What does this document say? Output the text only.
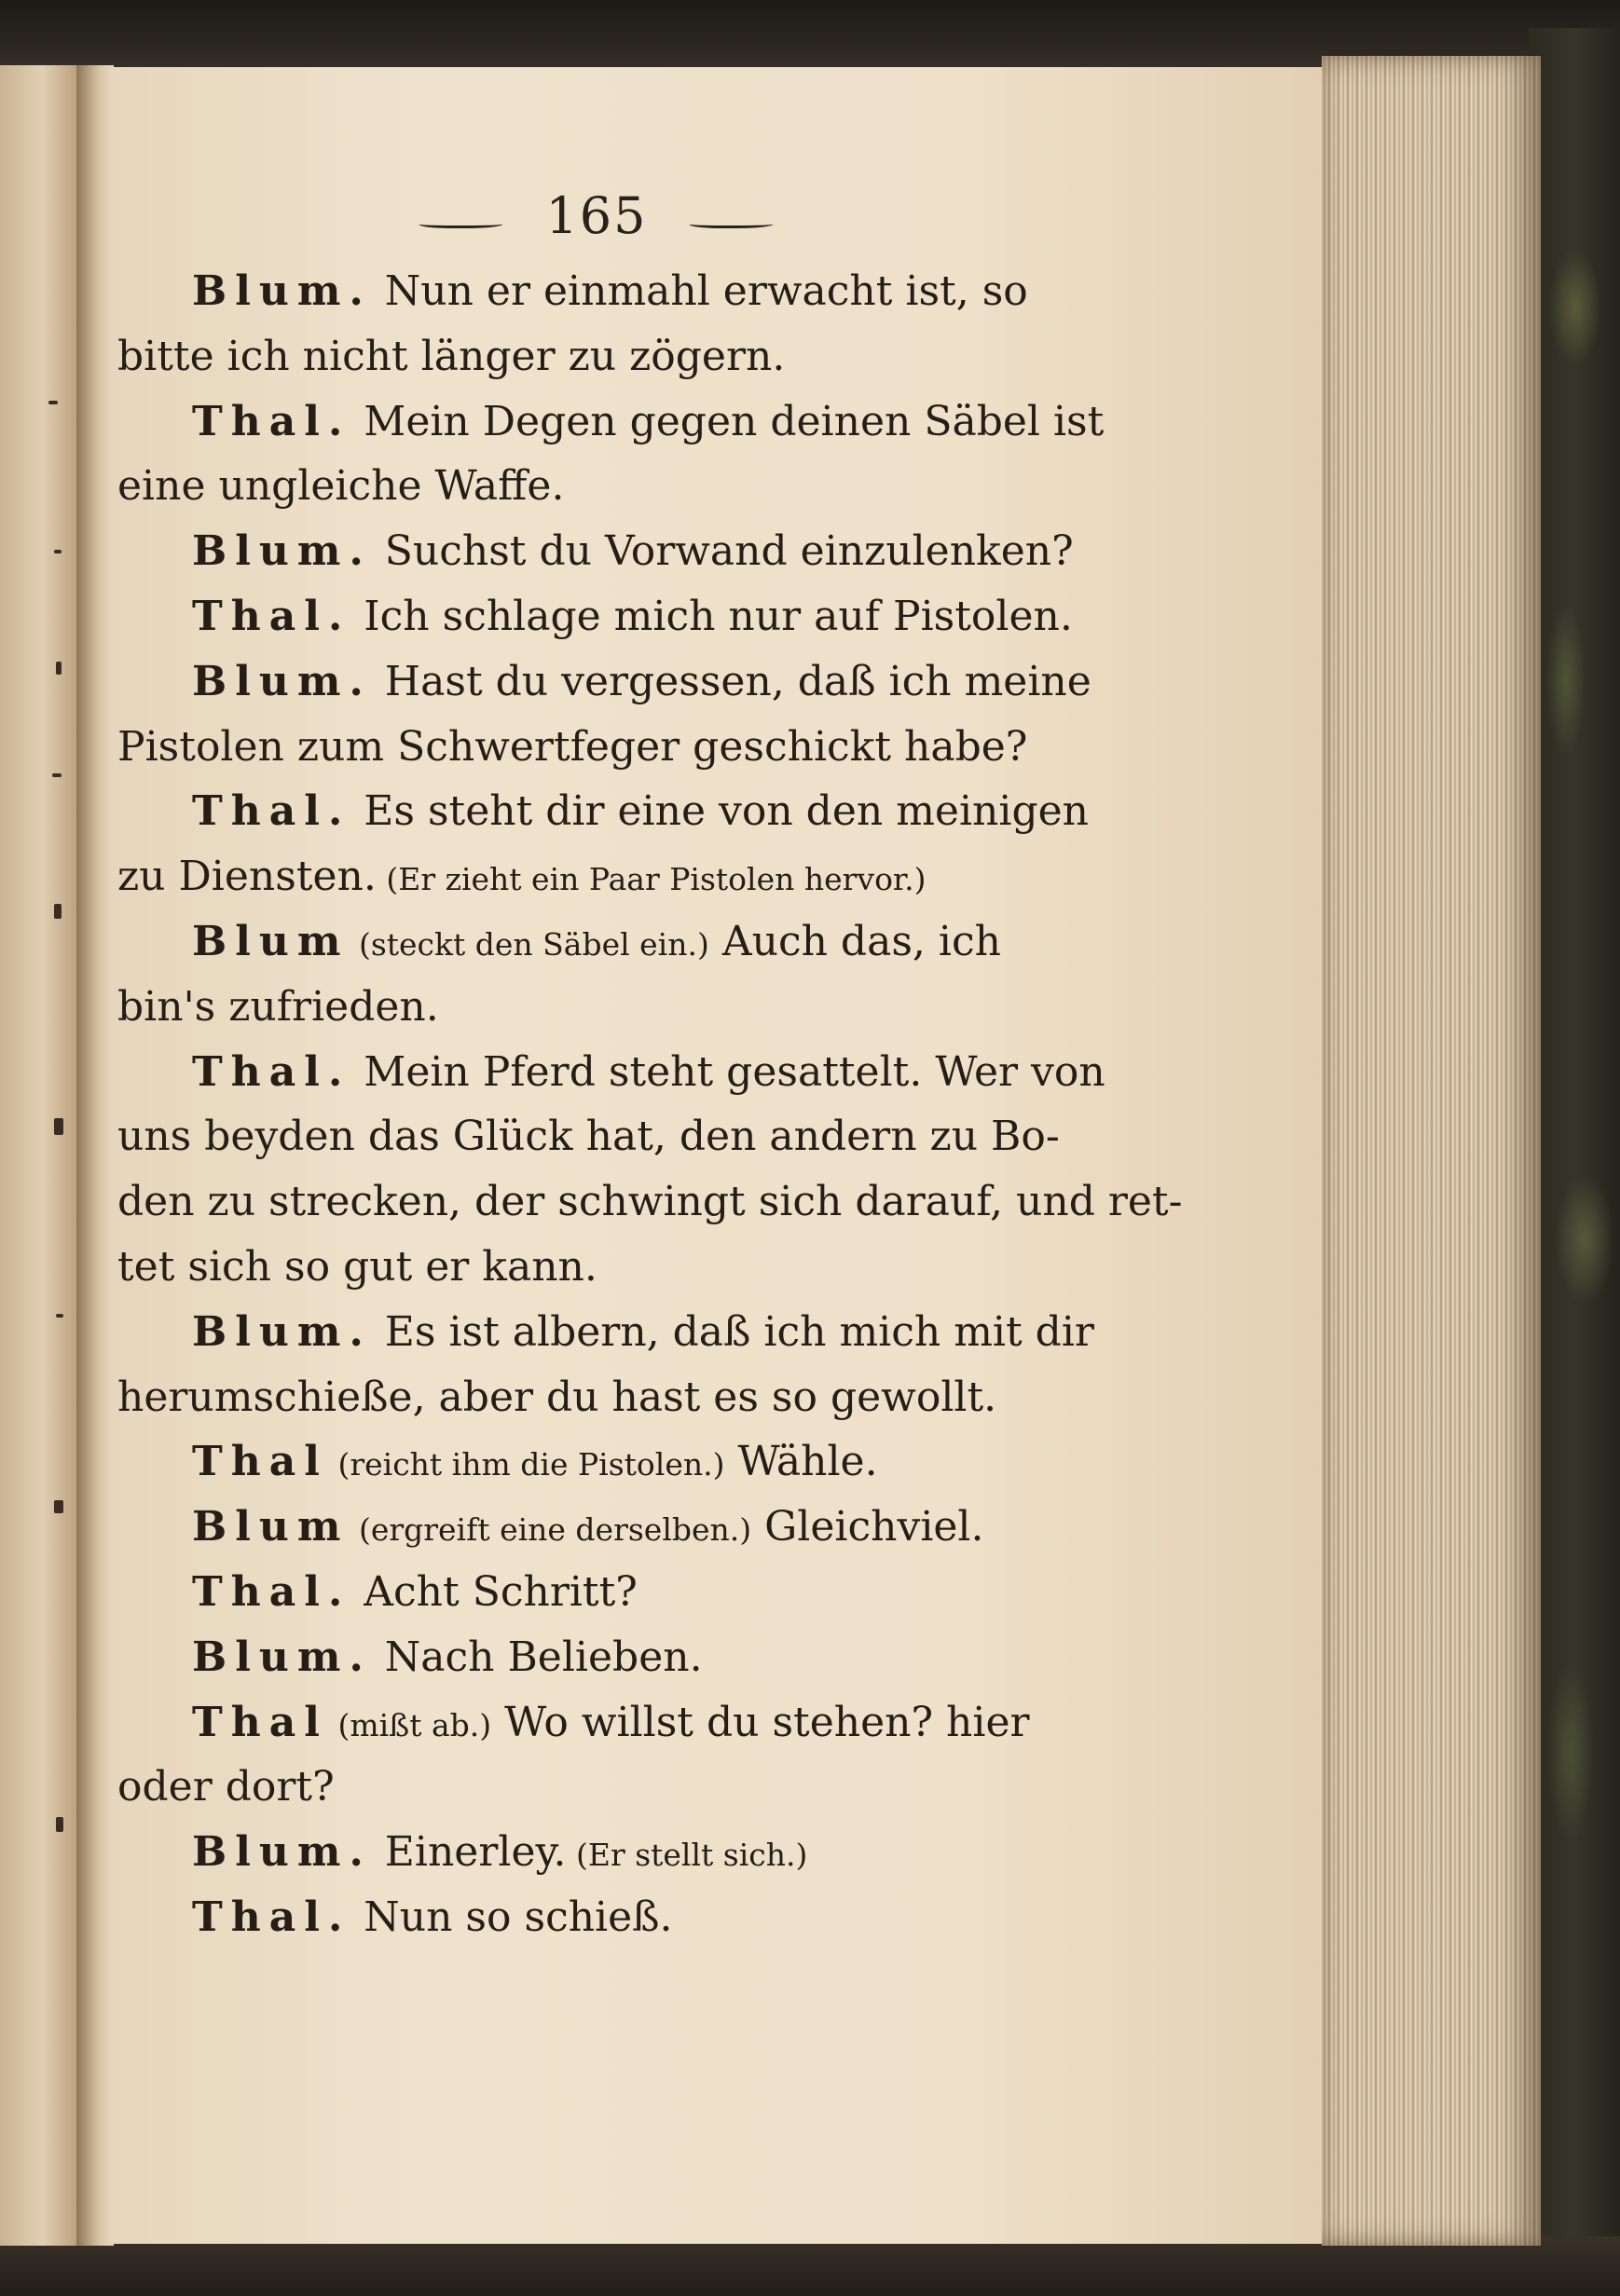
165
Blum. Nun er einmahl erwacht ist, so
bitte ich nicht länger zu zögern.
Thal. Mein Degen gegen deinen Säbel ist
eine ungleiche Waffe.
Blum. Suchst du Vorwand einzulenken?
Thal. Ich schlage mich nur auf Pistolen.
Blum. Hast du vergessen, daß ich meine
Pistolen zum Schwertfeger geschickt habe?
Thal. Es steht dir eine von den meinigen
zu Diensten. (Er zieht ein Paar Pistolen hervor.)
Blum (steckt den Säbel ein.) Auch das, ich
bin's zufrieden.
Thal. Mein Pferd steht gesattelt. Wer von
uns beyden das Glück hat, den andern zu Bo-
den zu strecken, der schwingt sich darauf, und ret-
tet sich so gut er kann.
Blum. Es ist albern, daß ich mich mit dir
herumschieße, aber du hast es so gewollt.
Thal (reicht ihm die Pistolen.) Wähle.
Blum (ergreift eine derselben.) Gleichviel.
Thal. Acht Schritt?
Blum. Nach Belieben.
Thal (mißt ab.) Wo willst du stehen? hier
oder dort?
Blum. Einerley. (Er stellt sich.)
Thal. Nun so schieß.
